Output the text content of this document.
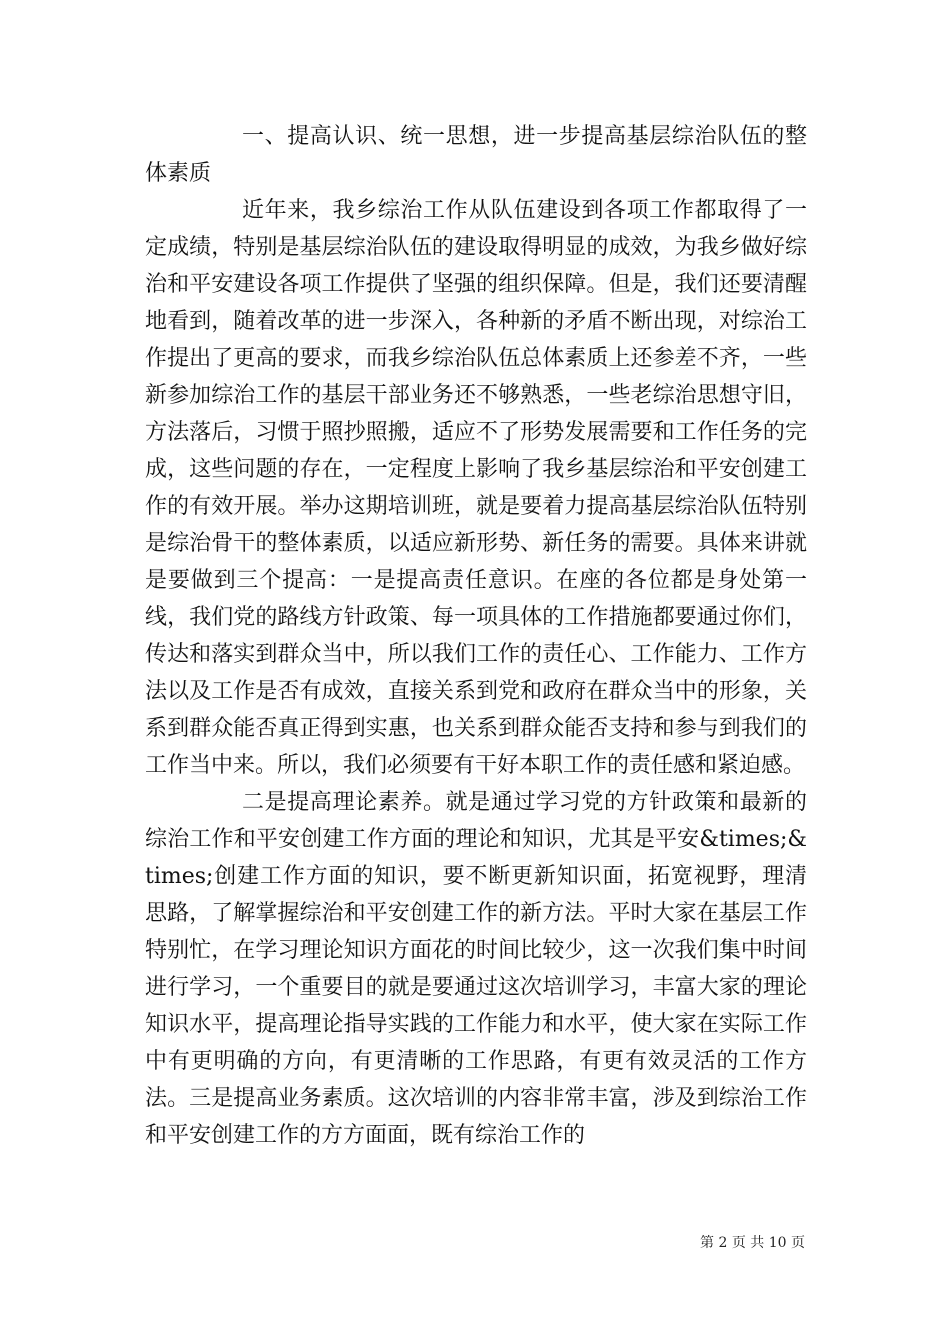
一、提高认识、统一思想，进一步提高基层综治队伍的整体素质

近年来，我乡综治工作从队伍建设到各项工作都取得了一定成绩，特别是基层综治队伍的建设取得明显的成效，为我乡做好综治和平安建设各项工作提供了坚强的组织保障。但是，我们还要清醒地看到，随着改革的进一步深入，各种新的矛盾不断出现，对综治工作提出了更高的要求，而我乡综治队伍总体素质上还参差不齐，一些新参加综治工作的基层干部业务还不够熟悉，一些老综治思想守旧，方法落后，习惯于照抄照搬，适应不了形势发展需要和工作任务的完成，这些问题的存在，一定程度上影响了我乡基层综治和平安创建工作的有效开展。举办这期培训班，就是要着力提高基层综治队伍特别是综治骨干的整体素质，以适应新形势、新任务的需要。具体来讲就是要做到三个提高：一是提高责任意识。在座的各位都是身处第一线，我们党的路线方针政策、每一项具体的工作措施都要通过你们，传达和落实到群众当中，所以我们工作的责任心、工作能力、工作方法以及工作是否有成效，直接关系到党和政府在群众当中的形象，关系到群众能否真正得到实惠，也关系到群众能否支持和参与到我们的工作当中来。所以，我们必须要有干好本职工作的责任感和紧迫感。

二是提高理论素养。就是通过学习党的方针政策和最新的综治工作和平安创建工作方面的理论和知识，尤其是平安&times;&times;创建工作方面的知识，要不断更新知识面，拓宽视野，理清思路，了解掌握综治和平安创建工作的新方法。平时大家在基层工作特别忙，在学习理论知识方面花的时间比较少，这一次我们集中时间进行学习，一个重要目的就是要通过这次培训学习，丰富大家的理论知识水平，提高理论指导实践的工作能力和水平，使大家在实际工作中有更明确的方向，有更清晰的工作思路，有更有效灵活的工作方法。三是提高业务素质。这次培训的内容非常丰富，涉及到综治工作和平安创建工作的方方面面，既有综治工作的

第 2 页 共 10 页
